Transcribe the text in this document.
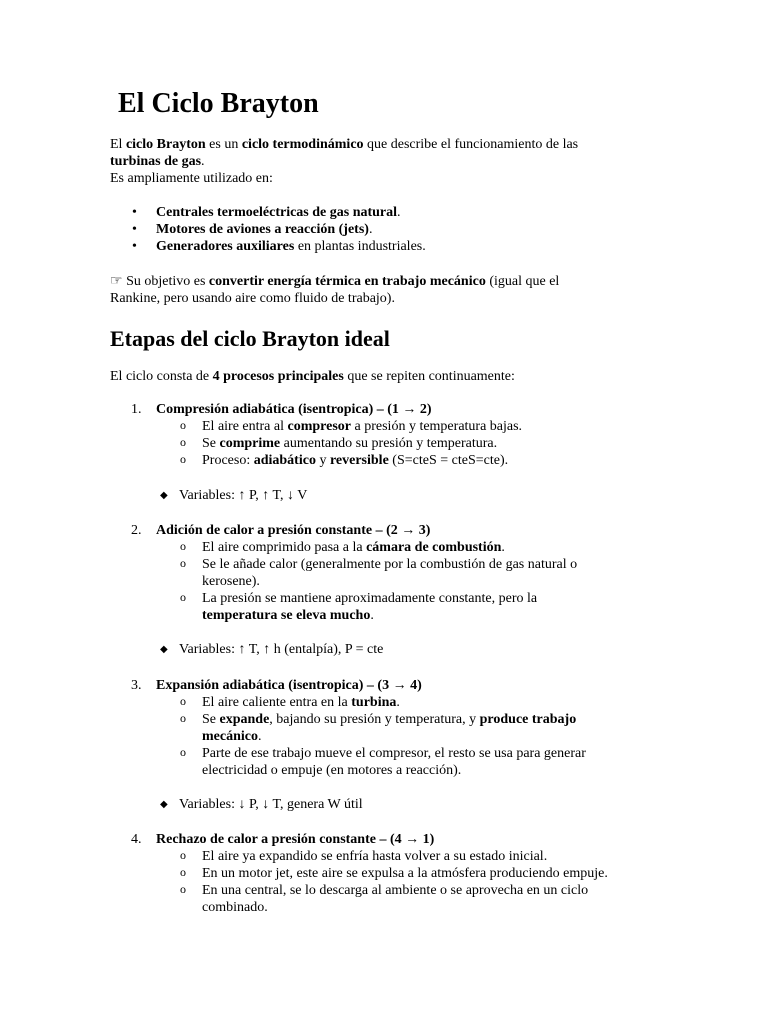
El Ciclo Brayton

El ciclo Brayton es un ciclo termodinámico que describe el funcionamiento de las
turbinas de gas.
Es ampliamente utilizado en:

• Centrales termoeléctricas de gas natural.
• Motores de aviones a reacción (jets).
• Generadores auxiliares en plantas industriales.

☞ Su objetivo es convertir energía térmica en trabajo mecánico (igual que el
Rankine, pero usando aire como fluido de trabajo).

Etapas del ciclo Brayton ideal

El ciclo consta de 4 procesos principales que se repiten continuamente:

1. Compresión adiabática (isentropica) – (1 → 2)
o El aire entra al compresor a presión y temperatura bajas.
o Se comprime aumentando su presión y temperatura.
o Proceso: adiabático y reversible (S=cteS = cteS=cte).
◆ Variables: ↑ P, ↑ T, ↓ V
2. Adición de calor a presión constante – (2 → 3)
o El aire comprimido pasa a la cámara de combustión.
o Se le añade calor (generalmente por la combustión de gas natural o
kerosene).
o La presión se mantiene aproximadamente constante, pero la
temperatura se eleva mucho.
◆ Variables: ↑ T, ↑ h (entalpía), P = cte
3. Expansión adiabática (isentropica) – (3 → 4)
o El aire caliente entra en la turbina.
o Se expande, bajando su presión y temperatura, y produce trabajo
mecánico.
o Parte de ese trabajo mueve el compresor, el resto se usa para generar
electricidad o empuje (en motores a reacción).
◆ Variables: ↓ P, ↓ T, genera W útil
4. Rechazo de calor a presión constante – (4 → 1)
o El aire ya expandido se enfría hasta volver a su estado inicial.
o En un motor jet, este aire se expulsa a la atmósfera produciendo empuje.
o En una central, se lo descarga al ambiente o se aprovecha en un ciclo
combinado.
